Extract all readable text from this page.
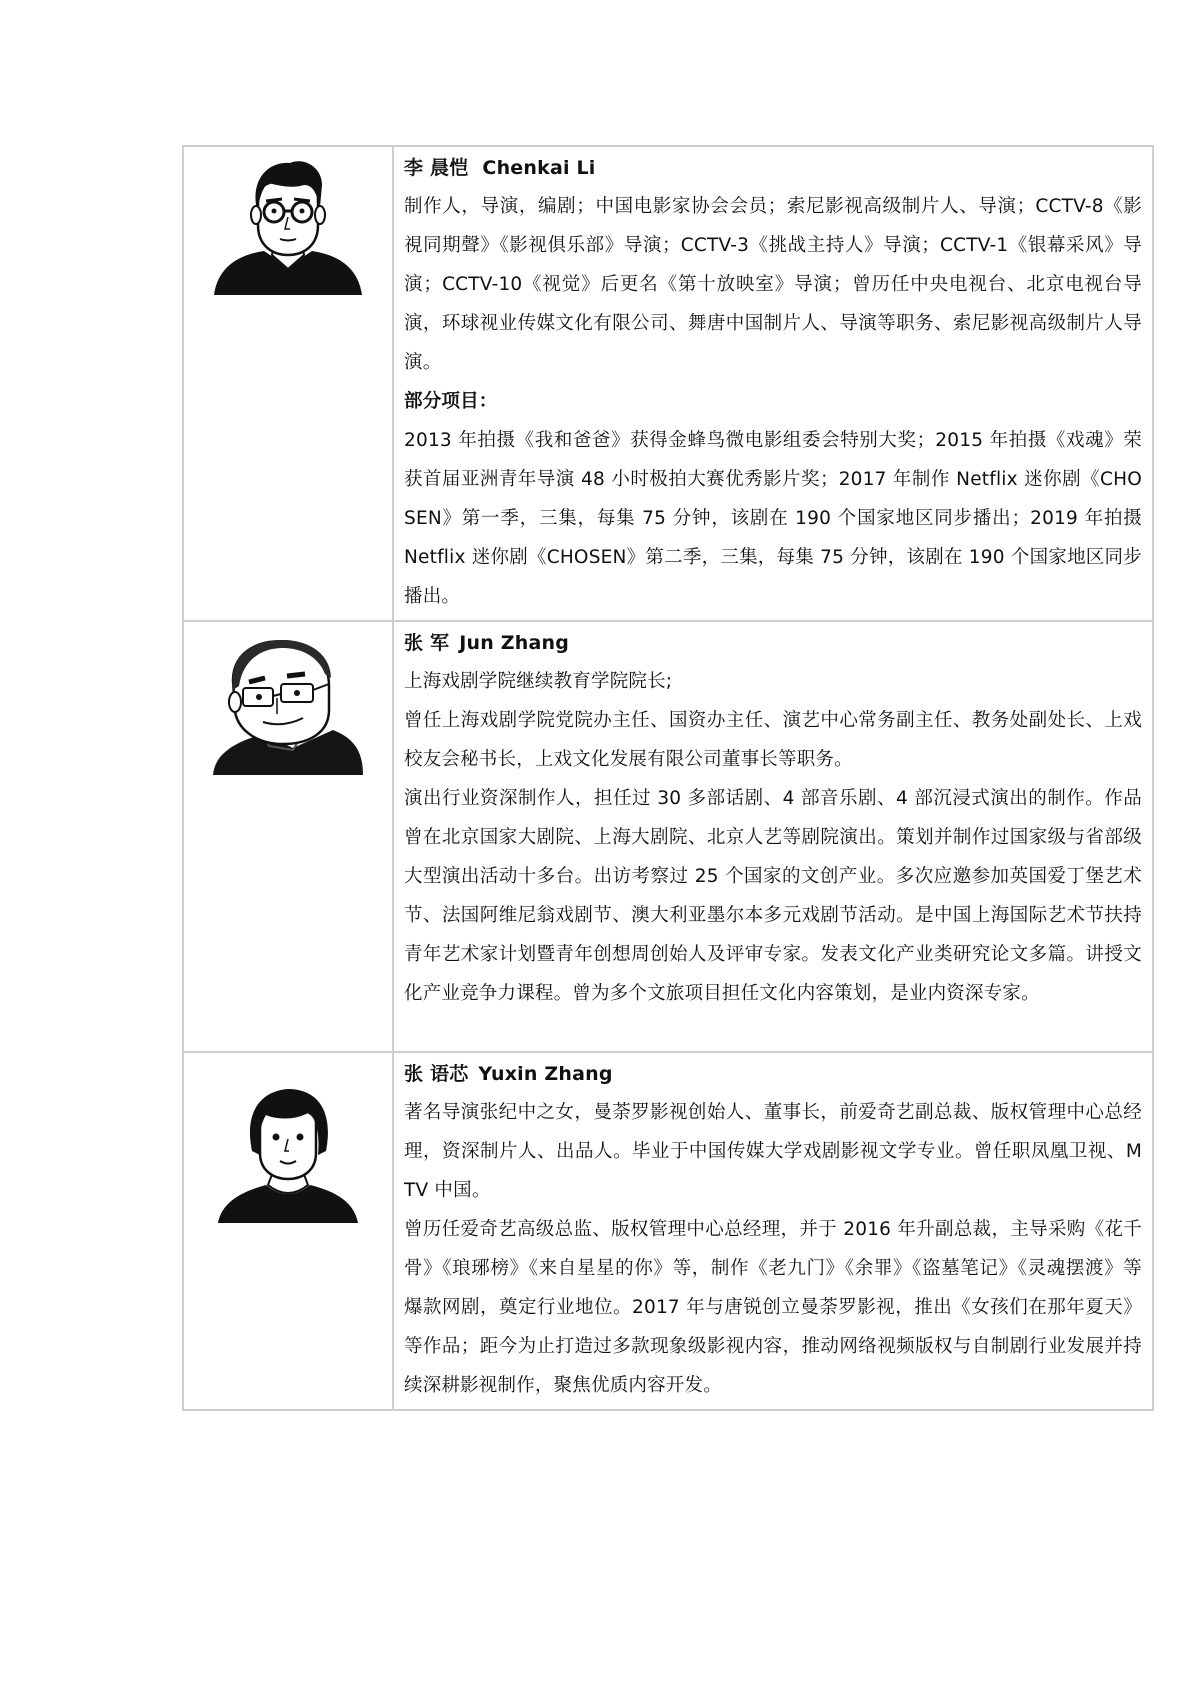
李 晨恺 Chenkai Li
制作人，导演，编剧；中国电影家协会会员；索尼影视高级制片人、导演；CCTV-8《影視同期聲》《影视俱乐部》导演；CCTV-3《挑战主持人》导演；CCTV-1《银幕采风》导演；CCTV-10《视觉》后更名《第十放映室》导演；曾历任中央电视台、北京电视台导演，环球视业传媒文化有限公司、舞唐中国制片人、导演等职务、索尼影视高级制片人导演。
部分项目：
2013 年拍摄《我和爸爸》获得金蜂鸟微电影组委会特别大奖；2015 年拍摄《戏魂》荣获首届亚洲青年导演 48 小时极拍大赛优秀影片奖；2017 年制作 Netflix 迷你剧《CHOSEN》第一季，三集，每集 75 分钟，该剧在 190 个国家地区同步播出；2019 年拍摄 Netflix 迷你剧《CHOSEN》第二季，三集，每集 75 分钟，该剧在 190 个国家地区同步播出。

张 军 Jun Zhang
上海戏剧学院继续教育学院院长;
曾任上海戏剧学院党院办主任、国资办主任、演艺中心常务副主任、教务处副处长、上戏校友会秘书长，上戏文化发展有限公司董事长等职务。
演出行业资深制作人，担任过 30 多部话剧、4 部音乐剧、4 部沉浸式演出的制作。作品曾在北京国家大剧院、上海大剧院、北京人艺等剧院演出。策划并制作过国家级与省部级大型演出活动十多台。出访考察过 25 个国家的文创产业。多次应邀参加英国爱丁堡艺术节、法国阿维尼翁戏剧节、澳大利亚墨尔本多元戏剧节活动。是中国上海国际艺术节扶持青年艺术家计划暨青年创想周创始人及评审专家。发表文化产业类研究论文多篇。讲授文化产业竞争力课程。曾为多个文旅项目担任文化内容策划，是业内资深专家。

张 语芯 Yuxin Zhang
著名导演张纪中之女，曼荼罗影视创始人、董事长，前爱奇艺副总裁、版权管理中心总经理，资深制片人、出品人。毕业于中国传媒大学戏剧影视文学专业。曾任职凤凰卫视、MTV 中国。
曾历任爱奇艺高级总监、版权管理中心总经理，并于 2016 年升副总裁，主导采购《花千骨》《琅琊榜》《来自星星的你》等，制作《老九门》《余罪》《盗墓笔记》《灵魂摆渡》等爆款网剧，奠定行业地位。2017 年与唐锐创立曼荼罗影视，推出《女孩们在那年夏天》等作品；距今为止打造过多款现象级影视内容，推动网络视频版权与自制剧行业发展并持续深耕影视制作，聚焦优质内容开发。
